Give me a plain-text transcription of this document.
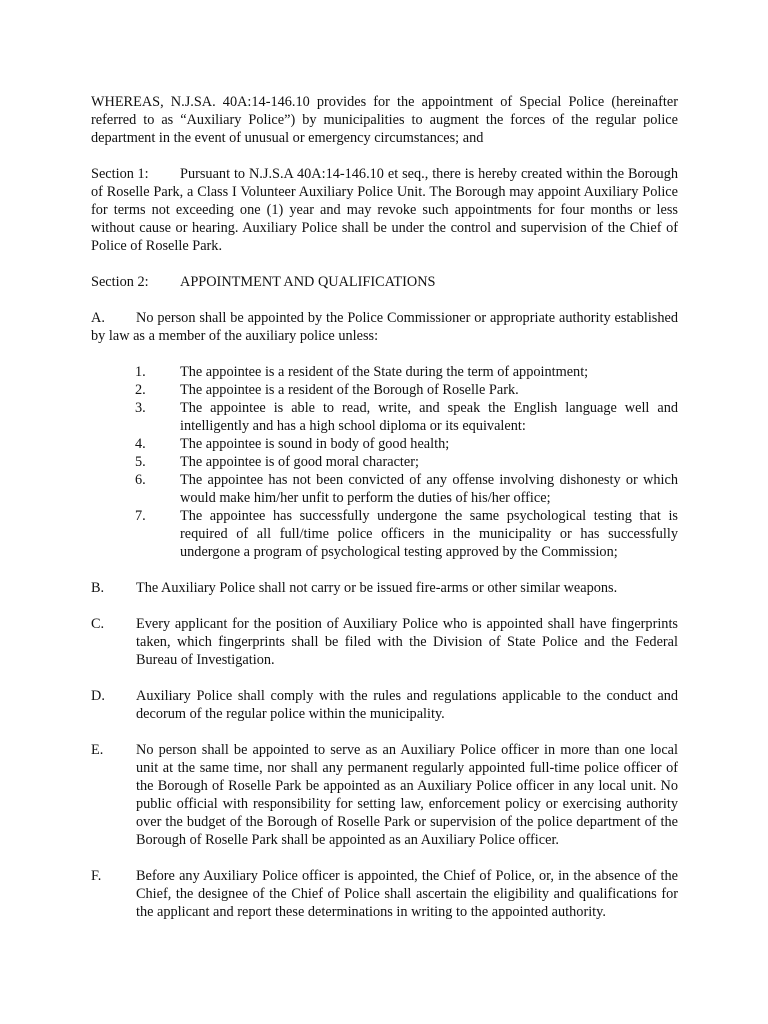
WHEREAS, N.J.SA. 40A:14-146.10 provides for the appointment of Special Police (hereinafter referred to as “Auxiliary Police”) by municipalities to augment the forces of the regular police department in the event of unusual or emergency circumstances; and

Section 1:	Pursuant to N.J.S.A 40A:14-146.10 et seq., there is hereby created within the Borough of Roselle Park, a Class I Volunteer Auxiliary Police Unit. The Borough may appoint Auxiliary Police for terms not exceeding one (1) year and may revoke such appointments for four months or less without cause or hearing. Auxiliary Police shall be under the control and supervision of the Chief of Police of Roselle Park.
Section 2:	APPOINTMENT AND QUALIFICATIONS

A. No person shall be appointed by the Police Commissioner or appropriate authority established by law as a member of the auxiliary police unless:

1.	The appointee is a resident of the State during the term of appointment;
2.	The appointee is a resident of the Borough of Roselle Park.
3.	The appointee is able to read, write, and speak the English language well and intelligently and has a high school diploma or its equivalent:
4.	The appointee is sound in body of good health;
5.	The appointee is of good moral character;
6.	The appointee has not been convicted of any offense involving dishonesty or which would make him/her unfit to perform the duties of his/her office;
7.	The appointee has successfully undergone the same psychological testing that is required of all full/time police officers in the municipality or has successfully undergone a program of psychological testing approved by the Commission;
B.	The Auxiliary Police shall not carry or be issued fire-arms or other similar weapons.
C.	Every applicant for the position of Auxiliary Police who is appointed shall have fingerprints taken, which fingerprints shall be filed with the Division of State Police and the Federal Bureau of Investigation.
D.	Auxiliary Police shall comply with the rules and regulations applicable to the conduct and decorum of the regular police within the municipality.
E.	No person shall be appointed to serve as an Auxiliary Police officer in more than one local unit at the same time, nor shall any permanent regularly appointed full-time police officer of the Borough of Roselle Park be appointed as an Auxiliary Police officer in any local unit. No public official with responsibility for setting law, enforcement policy or exercising authority over the budget of the Borough of Roselle Park or supervision of the police department of the Borough of Roselle Park shall be appointed as an Auxiliary Police officer.
F.	Before any Auxiliary Police officer is appointed, the Chief of Police, or, in the absence of the Chief, the designee of the Chief of Police shall ascertain the eligibility and qualifications for the applicant and report these determinations in writing to the appointed authority.
